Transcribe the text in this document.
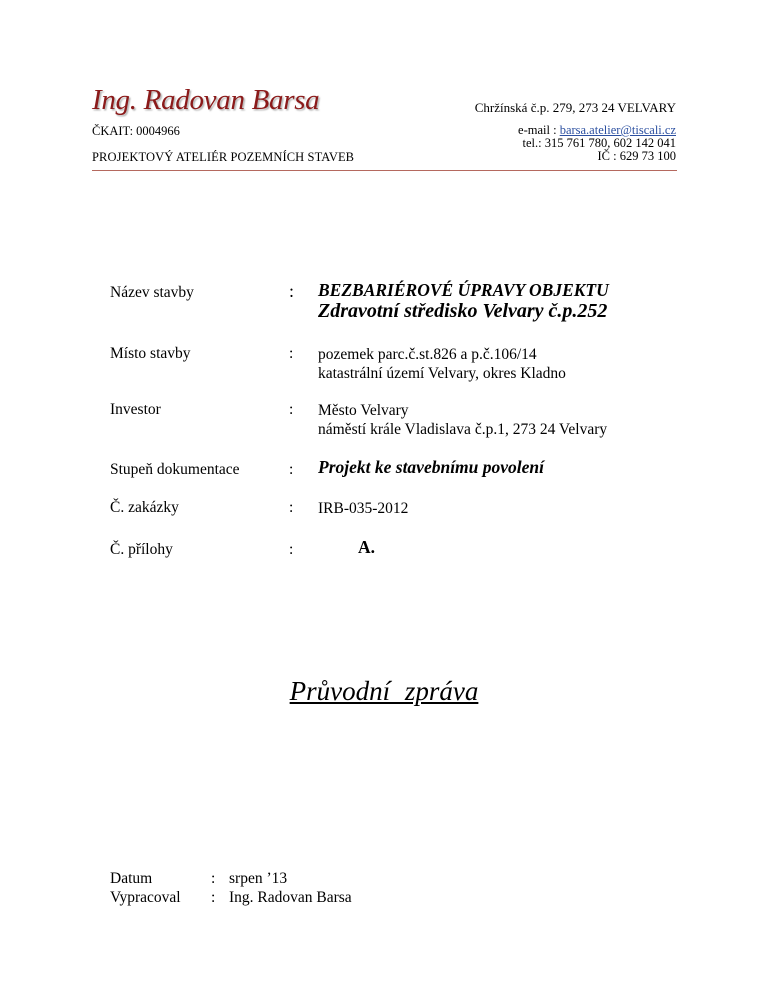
Ing. Radovan Barsa
ČKAIT: 0004966
PROJEKTOVÝ ATELIÉR POZEMNÍCH STAVEB
Chržínská č.p. 279, 273 24 VELVARY
e-mail : barsa.atelier@tiscali.cz
tel.: 315 761 780, 602 142 041
IČ : 629 73 100
Název stavby	: BEZBARIÉROVÉ ÚPRAVY OBJEKTU
Zdravotní středisko Velvary č.p.252
Místo stavby	: pozemek parc.č.st.826 a p.č.106/14
katastrální území Velvary, okres Kladno
Investor	: Město Velvary
náměstí krále Vladislava č.p.1, 273 24 Velvary
Stupeň dokumentace	: Projekt ke stavebnímu povolení
Č. zakázky	: IRB-035-2012
Č. přílohy	:	A.
Průvodní zpráva
Datum	: srpen ’13
Vypracoval : Ing. Radovan Barsa
